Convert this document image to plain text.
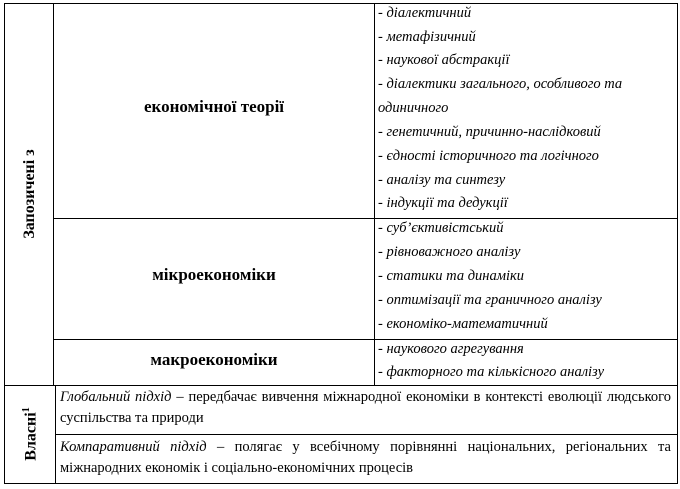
Запозичені з
Власні$^1$
економічної теорії
мікроекономіки
макроекономіки
- діалектичний
- метафізичний
- наукової абстракції
- діалектики загального, особливого та
одиничного
- генетичний, причинно-наслідковий
- єдності історичного та логічного
- аналізу та синтезу
- індукції та дедукції
- суб’єктивістський
- рівноважного аналізу
- статики та динаміки
- оптимізації та граничного аналізу
- економіко-математичний
- наукового агрегування
- факторного та кількісного аналізу
Глобальний підхід – передбачає вивчення міжнародної економіки в контексті еволюції людського суспільства та природи
Компаративний підхід – полягає у всебічному порівнянні національних, регіональних та міжнародних економік і соціально-економічних процесів
